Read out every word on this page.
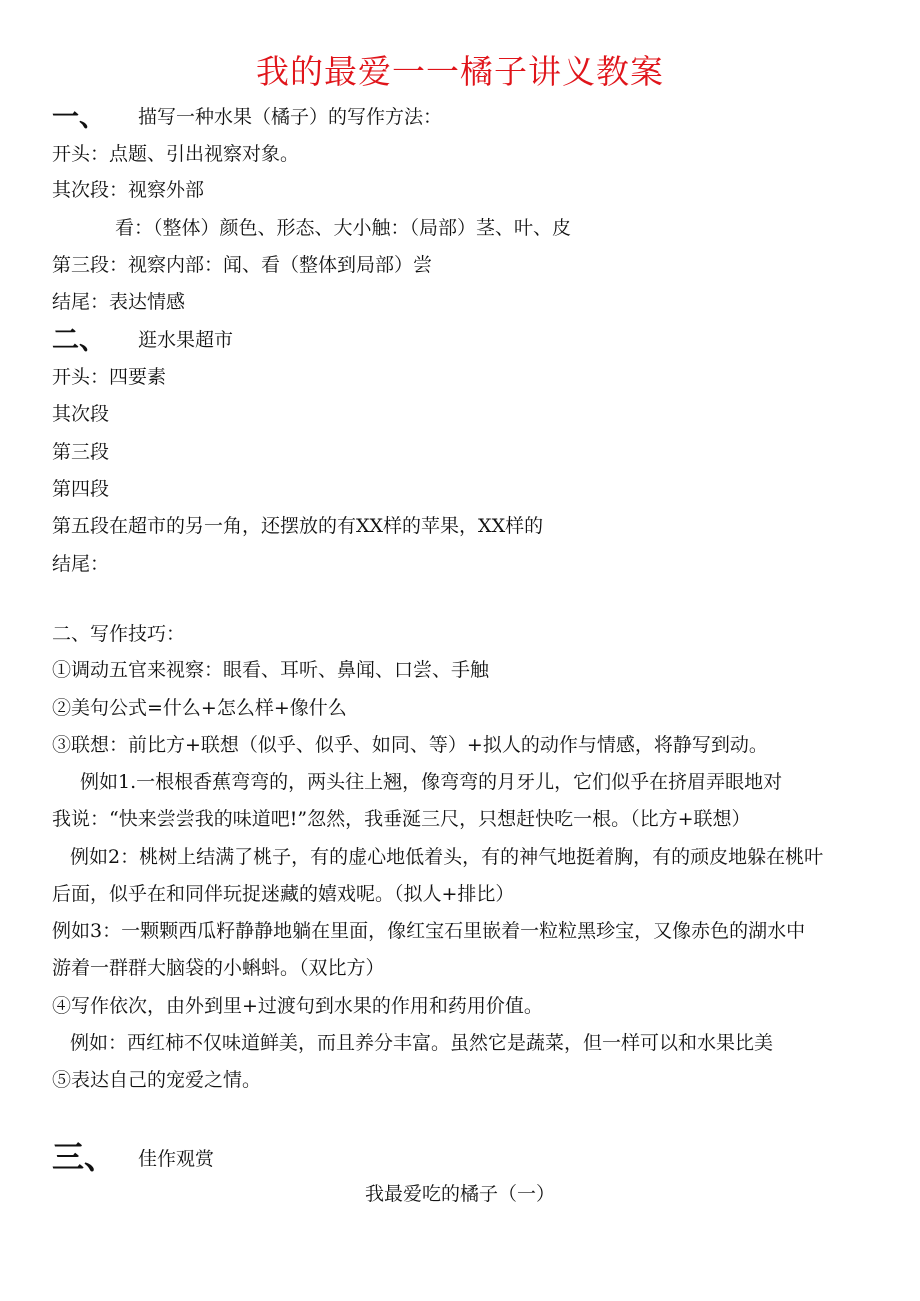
我的最爱一一橘子讲义教案
一、 描写一种水果（橘子）的写作方法：
开头：点题、引出视察对象。
其次段：视察外部
看：（整体）颜色、形态、大小触：（局部）茎、叶、皮
第三段：视察内部：闻、看（整体到局部）尝
结尾：表达情感
二、 逛水果超市
开头：四要素
其次段
第三段
第四段
第五段在超市的另一角，还摆放的有XX样的苹果，XX样的
结尾：
二、写作技巧：
①调动五官来视察：眼看、耳听、鼻闻、口尝、手触
②美句公式=什么+怎么样+像什么
③联想：前比方+联想（似乎、似乎、如同、等）+拟人的动作与情感，将静写到动。
例如1.一根根香蕉弯弯的，两头往上翘，像弯弯的月牙儿，它们似乎在挤眉弄眼地对
我说：“快来尝尝我的味道吧!”忽然，我垂涎三尺，只想赶快吃一根。（比方+联想）
例如2：桃树上结满了桃子，有的虚心地低着头，有的神气地挺着胸，有的顽皮地躲在桃叶
后面，似乎在和同伴玩捉迷藏的嬉戏呢。（拟人+排比）
例如3：一颗颗西瓜籽静静地躺在里面，像红宝石里嵌着一粒粒黑珍宝，又像赤色的湖水中
游着一群群大脑袋的小蝌蚪。（双比方）
④写作依次，由外到里+过渡句到水果的作用和药用价值。
例如：西红柿不仅味道鲜美，而且养分丰富。虽然它是蔬菜，但一样可以和水果比美
⑤表达自己的宠爱之情。
三、 佳作观赏
我最爱吃的橘子（一）
